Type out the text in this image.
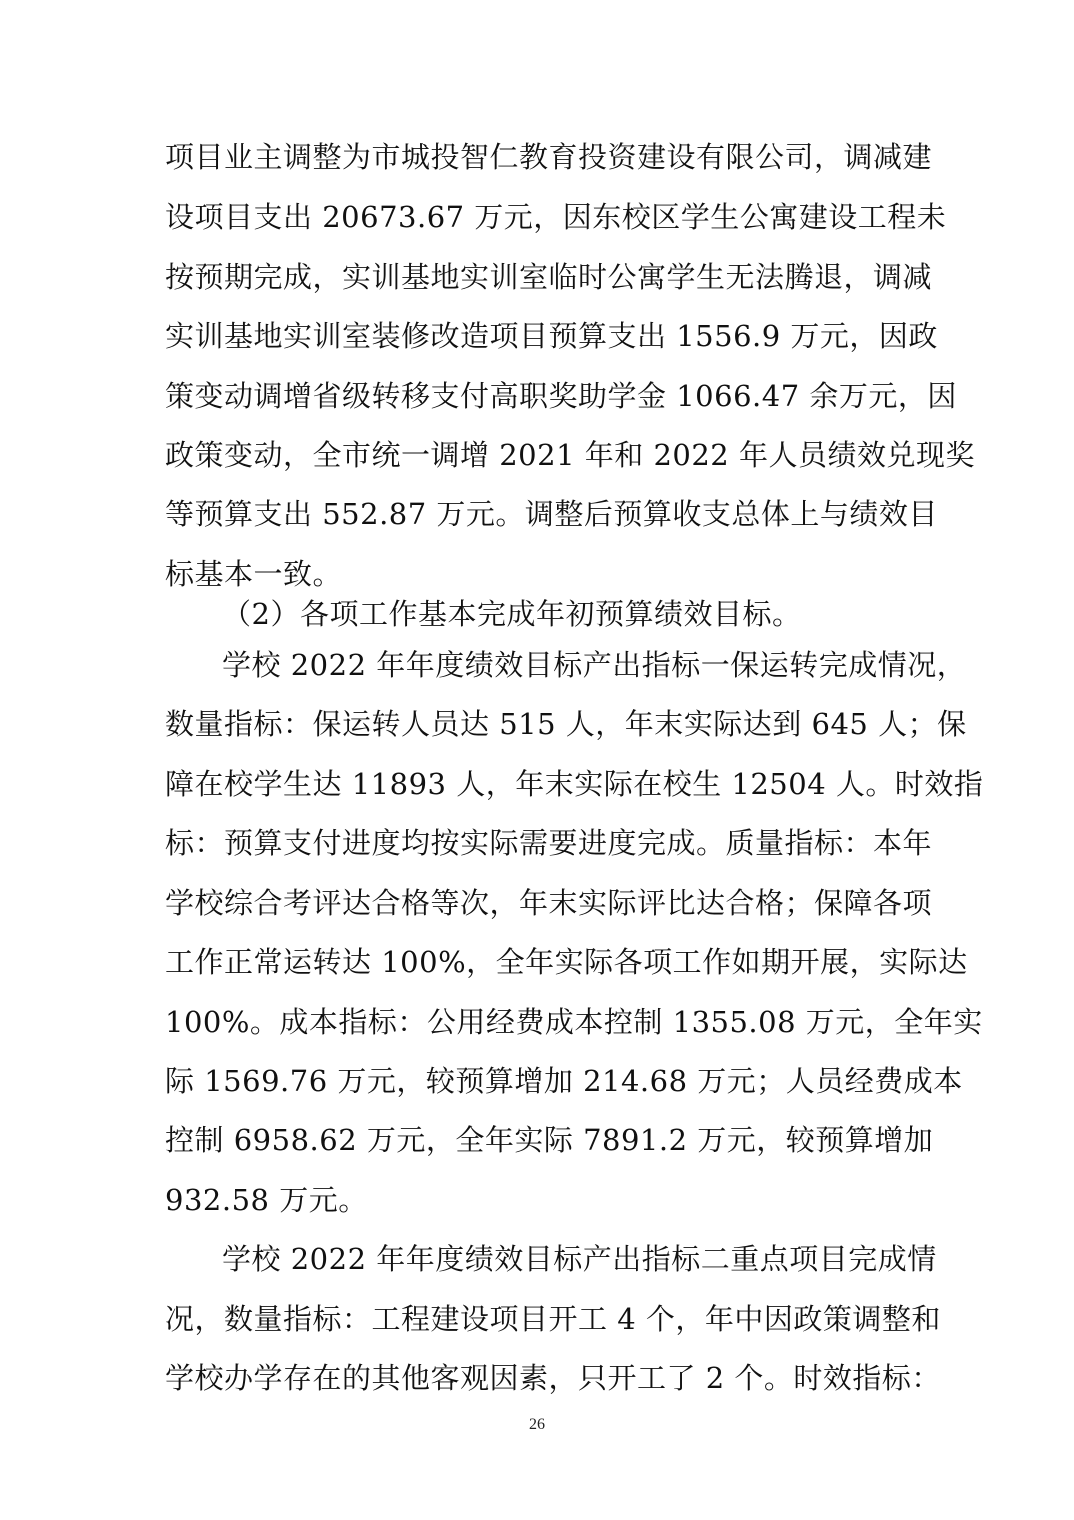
项目业主调整为市城投智仁教育投资建设有限公司，调减建
设项目支出 20673.67 万元，因东校区学生公寓建设工程未
按预期完成，实训基地实训室临时公寓学生无法腾退，调减
实训基地实训室装修改造项目预算支出 1556.9 万元，因政
策变动调增省级转移支付高职奖助学金 1066.47 余万元，因
政策变动，全市统一调增 2021 年和 2022 年人员绩效兑现奖
等预算支出 552.87 万元。调整后预算收支总体上与绩效目
标基本一致。
（2）各项工作基本完成年初预算绩效目标。
学校 2022 年年度绩效目标产出指标一保运转完成情况，
数量指标：保运转人员达 515 人，年末实际达到 645 人；保
障在校学生达 11893 人，年末实际在校生 12504 人。时效指
标：预算支付进度均按实际需要进度完成。质量指标：本年
学校综合考评达合格等次，年末实际评比达合格；保障各项
工作正常运转达 100%，全年实际各项工作如期开展，实际达
100%。成本指标：公用经费成本控制 1355.08 万元，全年实
际 1569.76 万元，较预算增加 214.68 万元；人员经费成本
控制 6958.62 万元，全年实际 7891.2 万元，较预算增加
932.58 万元。
学校 2022 年年度绩效目标产出指标二重点项目完成情
况，数量指标：工程建设项目开工 4 个，年中因政策调整和
学校办学存在的其他客观因素，只开工了 2 个。时效指标：
26
